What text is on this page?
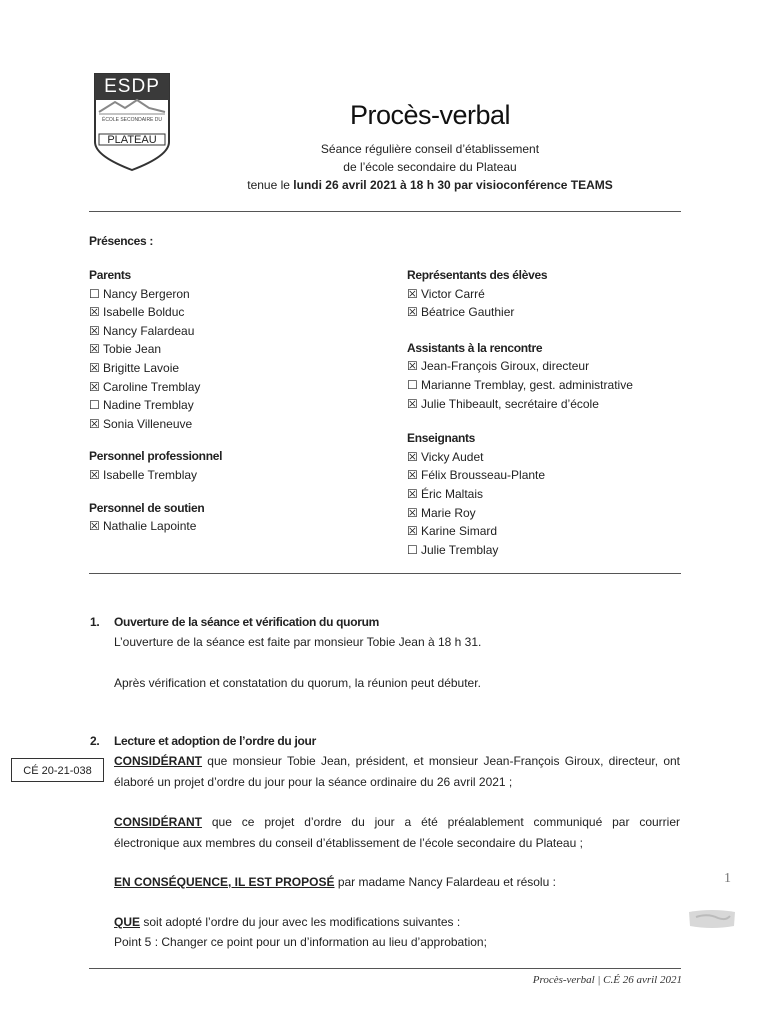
ESDP
ÉCOLE SECONDAIRE DU
PLATEAU
Procès-verbal
Séance régulière conseil d’établissement
de l’école secondaire du Plateau
tenue le lundi 26 avril 2021 à 18 h 30 par visioconférence TEAMS
Présences :
Parents
☐ Nancy Bergeron
☒ Isabelle Bolduc
☒ Nancy Falardeau
☒ Tobie Jean
☒ Brigitte Lavoie
☒ Caroline Tremblay
☐ Nadine Tremblay
☒ Sonia Villeneuve
Personnel professionnel
☒ Isabelle Tremblay
Personnel de soutien
☒ Nathalie Lapointe
Représentants des élèves
☒ Victor Carré
☒ Béatrice Gauthier
Assistants à la rencontre
☒ Jean-François Giroux, directeur
☐ Marianne Tremblay, gest. administrative
☒ Julie Thibeault, secrétaire d’école
Enseignants
☒ Vicky Audet
☒ Félix Brousseau-Plante
☒ Éric Maltais
☒ Marie Roy
☒ Karine Simard
☐ Julie Tremblay
1. Ouverture de la séance et vérification du quorum
L’ouverture de la séance est faite par monsieur Tobie Jean à 18 h 31.
Après vérification et constatation du quorum, la réunion peut débuter.
2. Lecture et adoption de l’ordre du jour
CÉ 20-21-038
CONSIDÉRANT que monsieur Tobie Jean, président, et monsieur Jean-François Giroux, directeur, ont
élaboré un projet d’ordre du jour pour la séance ordinaire du 26 avril 2021 ;
CONSIDÉRANT que ce projet d’ordre du jour a été préalablement communiqué par courrier
électronique aux membres du conseil d’établissement de l’école secondaire du Plateau ;
EN CONSÉQUENCE, IL EST PROPOSÉ par madame Nancy Falardeau et résolu :
QUE soit adopté l’ordre du jour avec les modifications suivantes :
Point 5 : Changer ce point pour un d’information au lieu d’approbation;
1
Procès-verbal | C.É 26 avril 2021
